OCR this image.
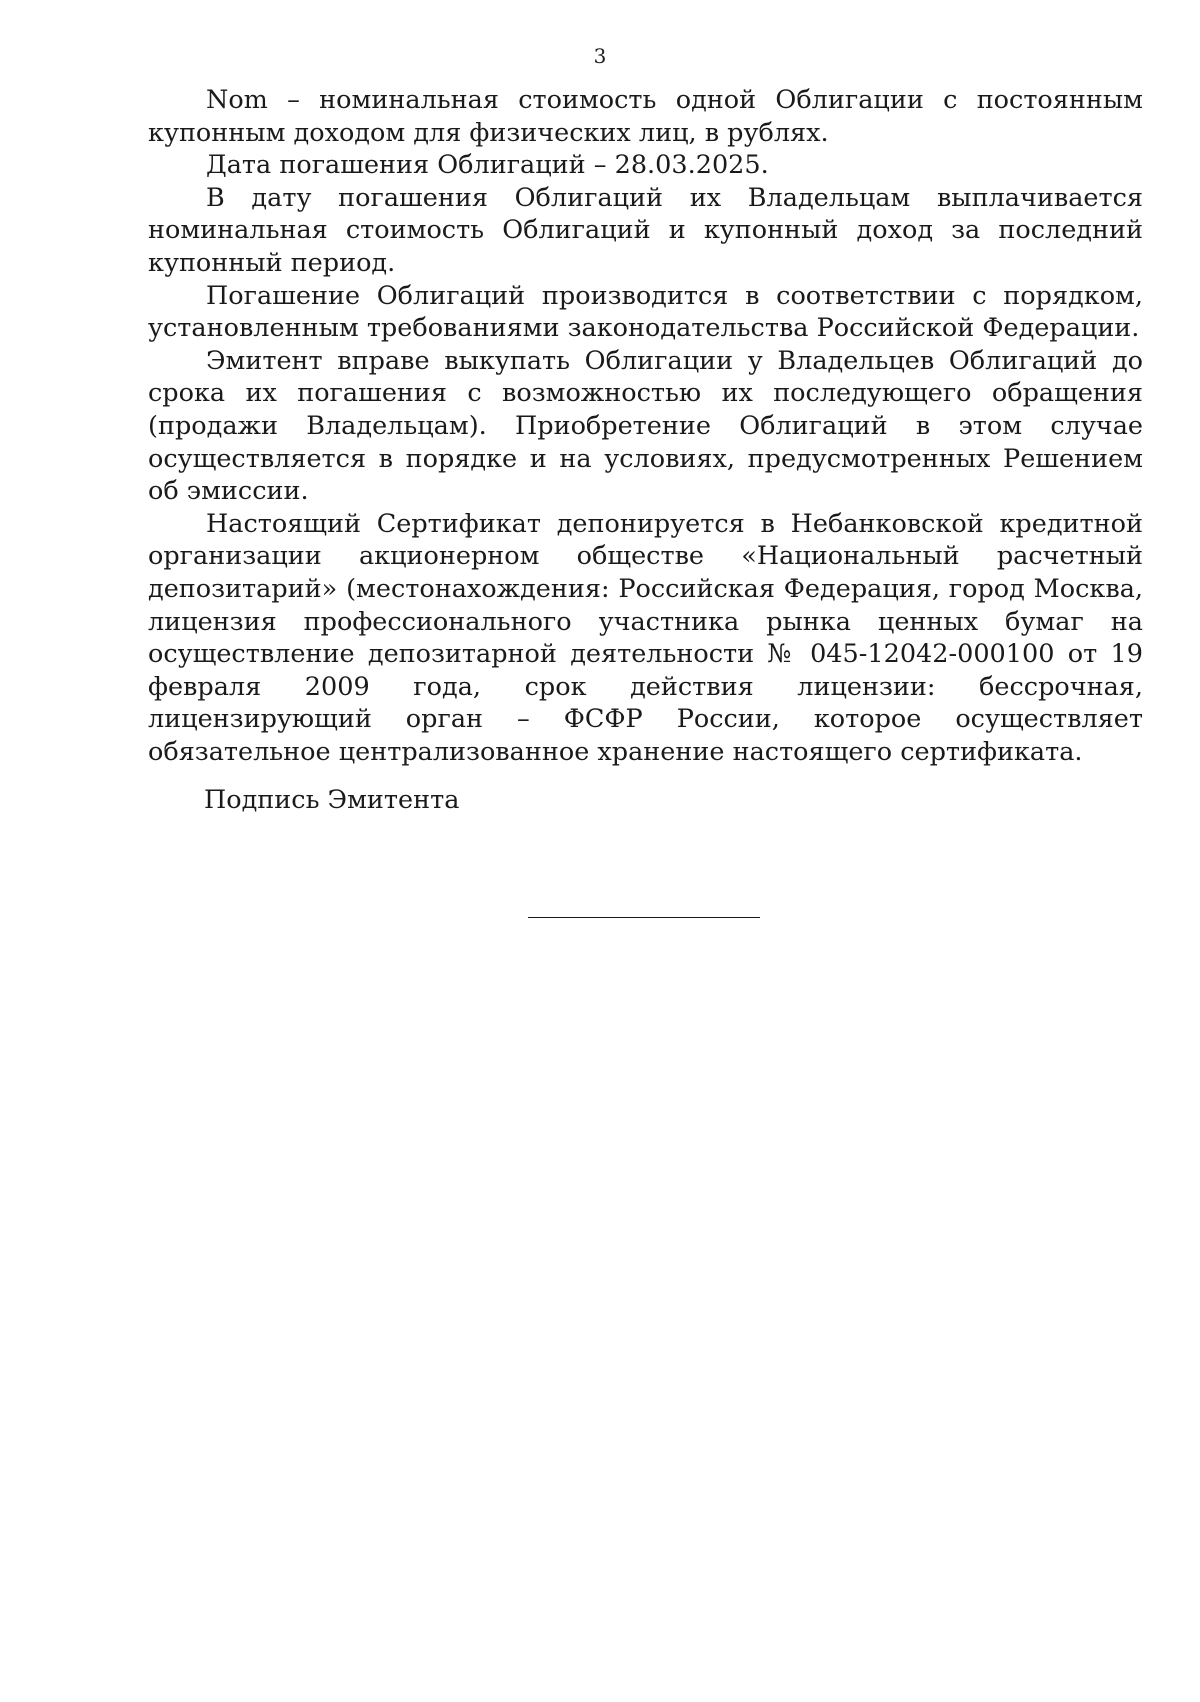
3

Nom – номинальная стоимость одной Облигации с постоянным купонным доходом для физических лиц, в рублях.

Дата погашения Облигаций – 28.03.2025.

В дату погашения Облигаций их Владельцам выплачивается номинальная стоимость Облигаций и купонный доход за последний купонный период.

Погашение Облигаций производится в соответствии с порядком, установленным требованиями законодательства Российской Федерации.

Эмитент вправе выкупать Облигации у Владельцев Облигаций до срока их погашения с возможностью их последующего обращения (продажи Владельцам). Приобретение Облигаций в этом случае осуществляется в порядке и на условиях, предусмотренных Решением об эмиссии.

Настоящий Сертификат депонируется в Небанковской кредитной организации акционерном обществе «Национальный расчетный депозитарий» (местонахождения: Российская Федерация, город Москва, лицензия профессионального участника рынка ценных бумаг на осуществление депозитарной деятельности № 045-12042-000100 от 19 февраля 2009 года, срок действия лицензии: бессрочная, лицензирующий орган – ФСФР России, которое осуществляет обязательное централизованное хранение настоящего сертификата.

Подпись Эмитента
